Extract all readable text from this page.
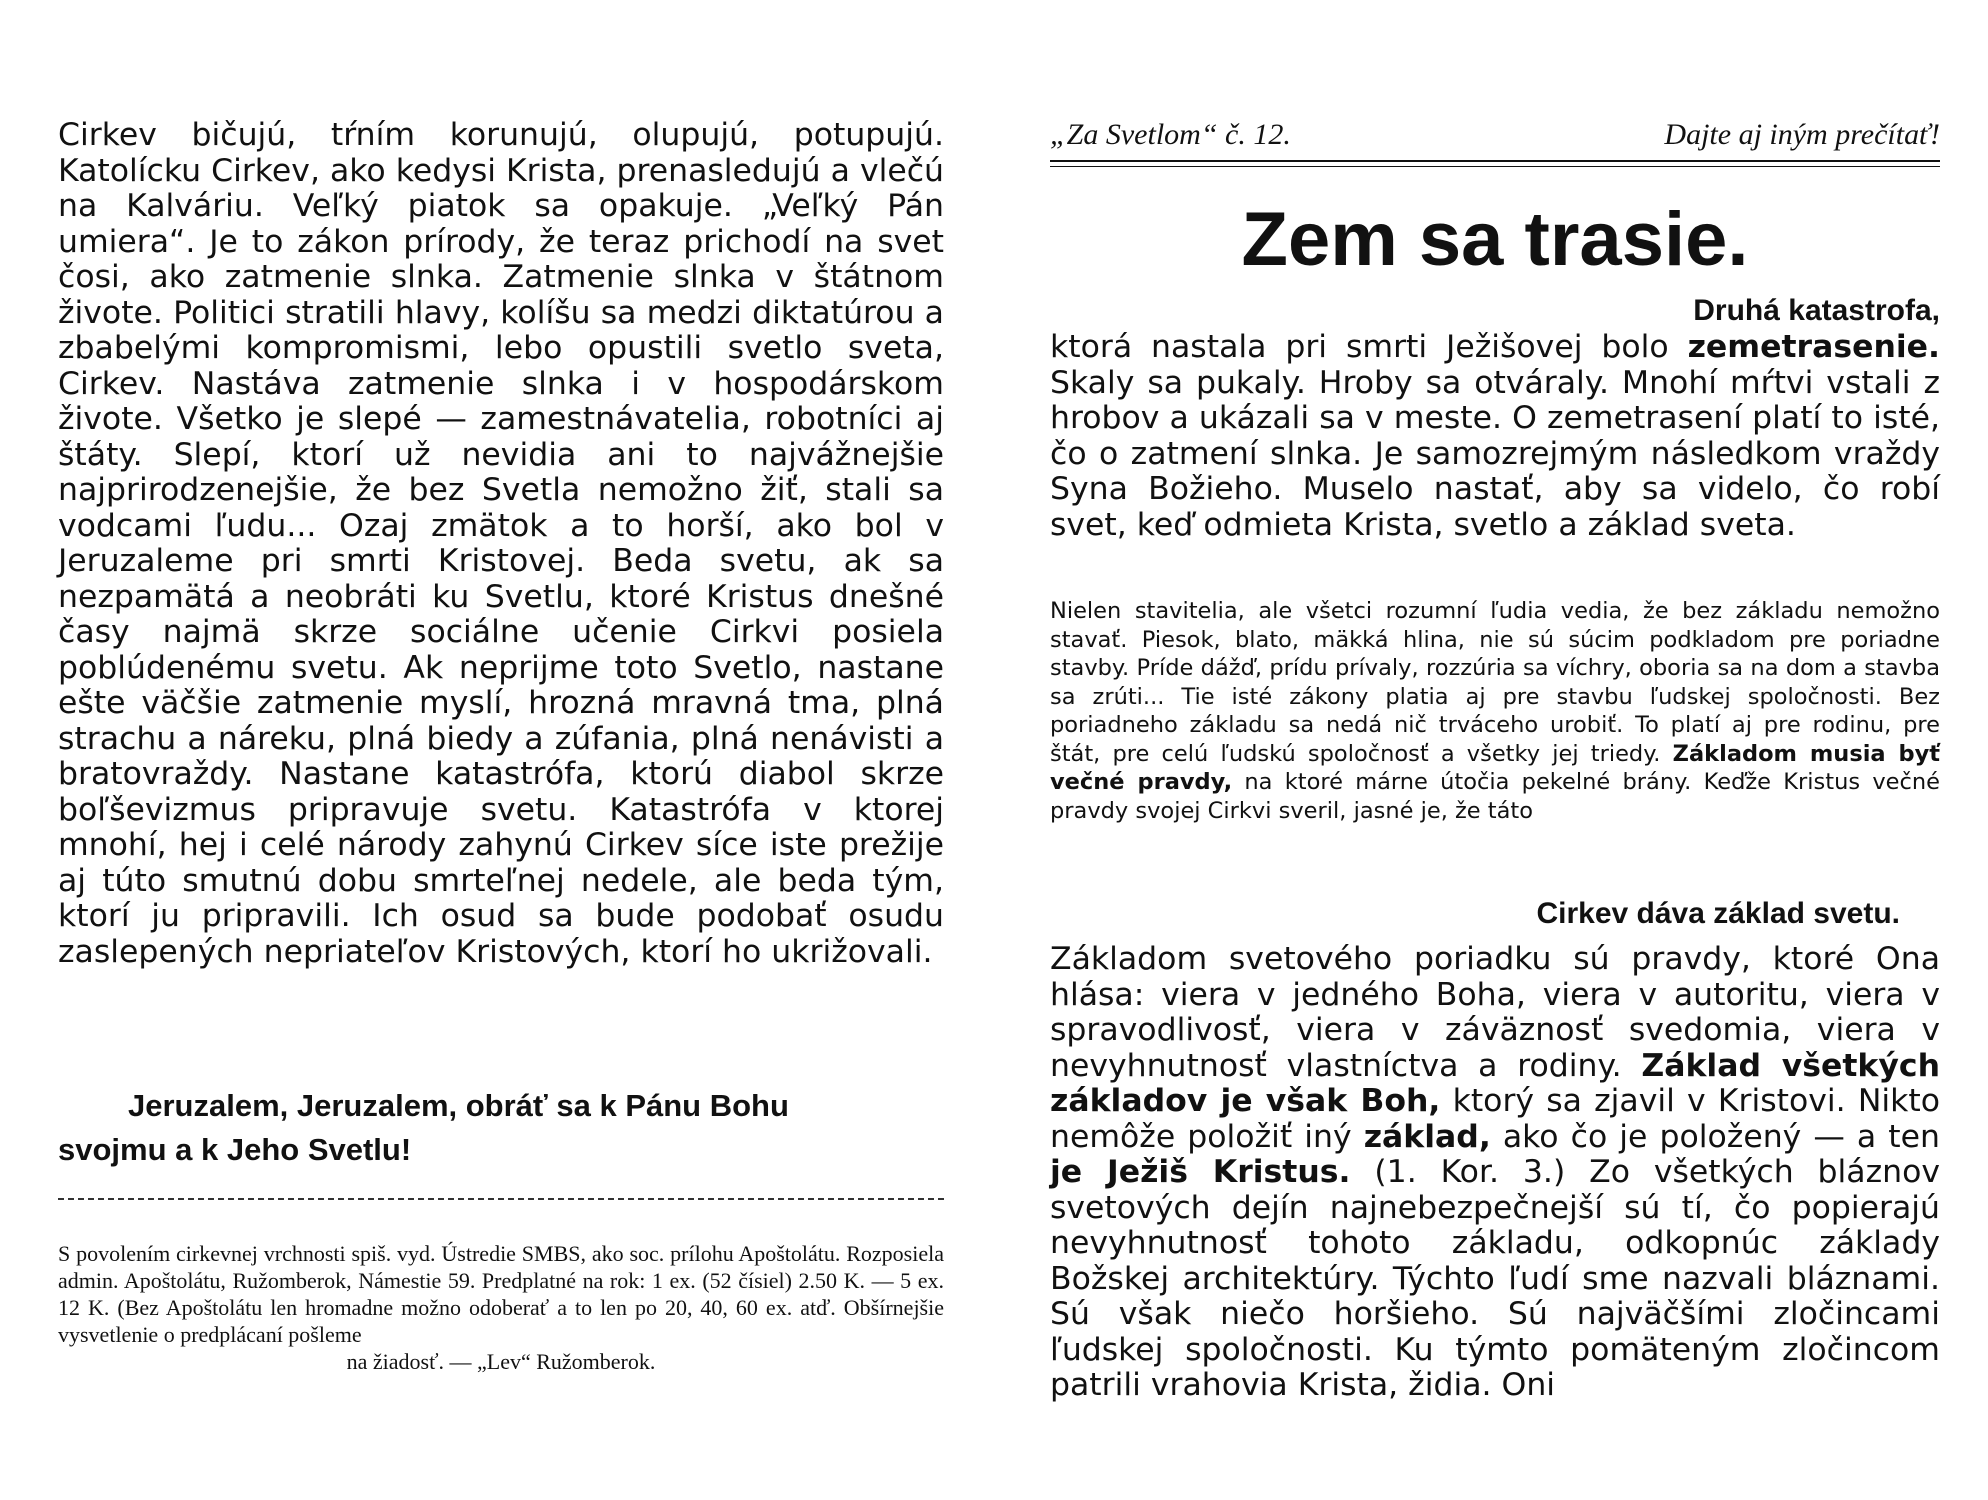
Cirkev bičujú, tŕním korunujú, olupujú, potupujú. Katolícku Cirkev, ako kedysi Krista, prenasledujú a vlečú na Kalváriu. Veľký piatok sa opakuje. „Veľký Pán umiera“. Je to zákon prírody, že teraz prichodí na svet čosi, ako zatmenie slnka. Zatmenie slnka v štátnom živote. Politici stratili hlavy, kolíšu sa medzi diktatúrou a zbabelými kompromismi, lebo opustili svetlo sveta, Cirkev. Nastáva zatmenie slnka i v hospodárskom živote. Všetko je slepé — zamestnávatelia, robotníci aj štáty. Slepí, ktorí už nevidia ani to najvážnejšie najprirodzenejšie, že bez Svetla nemožno žiť, stali sa vodcami ľudu... Ozaj zmätok a to horší, ako bol v Jeruzaleme pri smrti Kristovej. Beda svetu, ak sa nezpamätá a neobráti ku Svetlu, ktoré Kristus dnešné časy najmä skrze sociálne učenie Cirkvi posiela poblúdenému svetu. Ak neprijme toto Svetlo, nastane ešte väčšie zatmenie myslí, hrozná mravná tma, plná strachu a náreku, plná biedy a zúfania, plná nenávisti a bratovraždy. Nastane katastrófa, ktorú diabol skrze boľševizmus pripravuje svetu. Katastrófa v ktorej mnohí, hej i celé národy zahynú Cirkev síce iste prežije aj túto smutnú dobu smrteľnej nedele, ale beda tým, ktorí ju pripravili. Ich osud sa bude podobať osudu zaslepených nepriateľov Kristových, ktorí ho ukrižovali.

Jeruzalem, Jeruzalem, obráť sa k Pánu Bohu
svojmu a k Jeho Svetlu!

S povolením cirkevnej vrchnosti spiš. vyd. Ústredie SMBS, ako soc. prílohu Apoštolátu. Rozposiela admin. Apoštolátu, Ružomberok, Námestie 59. Predplatné na rok: 1 ex. (52 čísiel) 2.50 K. — 5 ex. 12 K. (Bez Apoštolátu len hromadne možno odoberať a to len po 20, 40, 60 ex. atď. Obšírnejšie vysvetlenie o predplácaní pošleme
na žiadosť. — „Lev“ Ružomberok.

„Za Svetlom“ č. 12.	Dajte aj iným prečítať!
Zem sa trasie.

Druhá katastrofa,

ktorá nastala pri smrti Ježišovej bolo zemetrasenie. Skaly sa pukaly. Hroby sa otváraly. Mnohí mŕtvi vstali z hrobov a ukázali sa v meste. O zemetrasení platí to isté, čo o zatmení slnka. Je samozrejmým následkom vraždy Syna Božieho. Muselo nastať, aby sa videlo, čo robí svet, keď odmieta Krista, svetlo a základ sveta.

Nielen stavitelia, ale všetci rozumní ľudia vedia, že bez základu nemožno stavať. Piesok, blato, mäkká hlina, nie sú súcim podkladom pre poriadne stavby. Príde dážď, prídu prívaly, rozzúria sa víchry, oboria sa na dom a stavba sa zrúti... Tie isté zákony platia aj pre stavbu ľudskej spoločnosti. Bez poriadneho základu sa nedá nič trváceho urobiť. To platí aj pre rodinu, pre štát, pre celú ľudskú spoločnosť a všetky jej triedy. Základom musia byť večné pravdy, na ktoré márne útočia pekelné brány. Keďže Kristus večné pravdy svojej Cirkvi sveril, jasné je, že táto

Cirkev dáva základ svetu.

Základom svetového poriadku sú pravdy, ktoré Ona hlása: viera v jedného Boha, viera v autoritu, viera v spravodlivosť, viera v záväznosť svedomia, viera v nevyhnutnosť vlastníctva a rodiny. Základ všetkých základov je však Boh, ktorý sa zjavil v Kristovi. Nikto nemôže položiť iný základ, ako čo je položený — a ten je Ježiš Kristus. (1. Kor. 3.) Zo všetkých bláznov svetových dejín najnebezpečnejší sú tí, čo popierajú nevyhnutnosť tohoto základu, odkopnúc základy Božskej architektúry. Týchto ľudí sme nazvali bláznami. Sú však niečo horšieho. Sú najväčšími zločincami ľudskej spoločnosti. Ku týmto pomäteným zločincom patrili vrahovia Krista, židia. Oni
